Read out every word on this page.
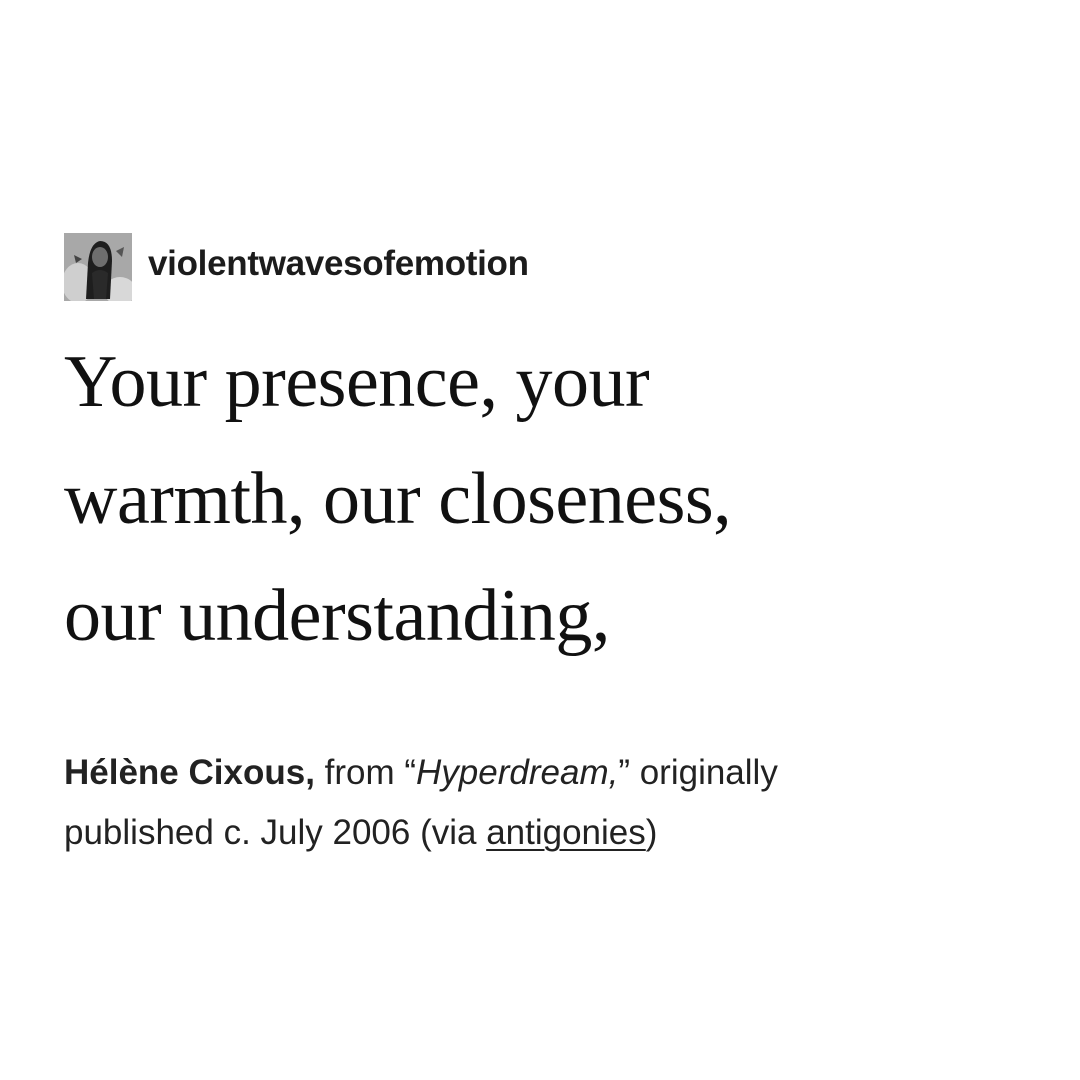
violentwavesofemotion
Your presence, your
warmth, our closeness,
our understanding,
Hélène Cixous, from “Hyperdream,” originally
published c. July 2006 (via antigonies)
